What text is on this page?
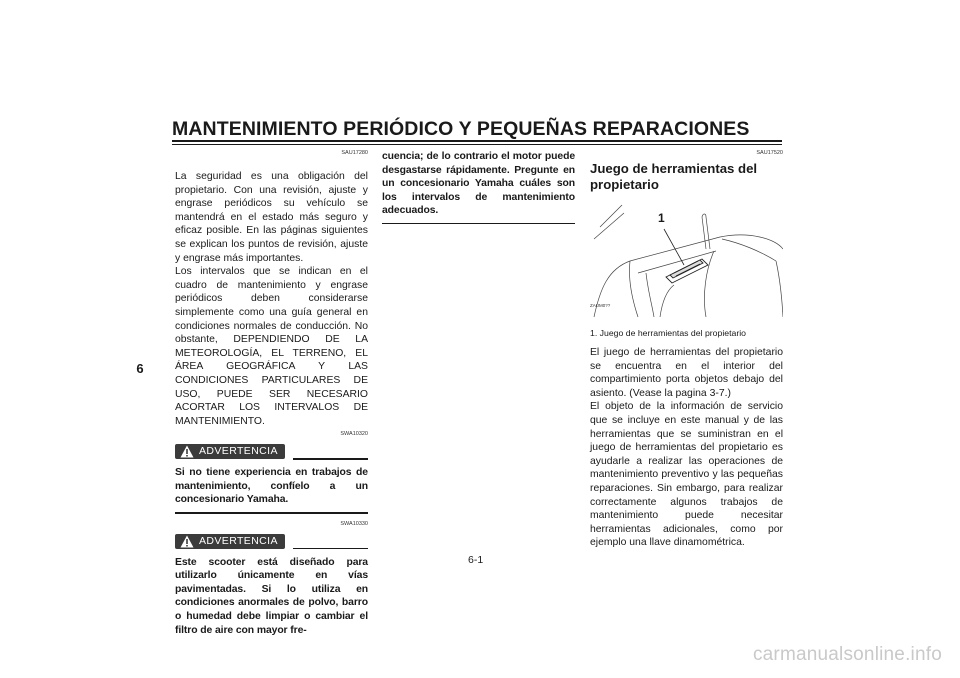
MANTENIMIENTO PERIÓDICO Y PEQUEÑAS REPARACIONES
6
SAU17280

La seguridad es una obligación del propietario. Con una revisión, ajuste y engrase periódicos su vehículo se mantendrá en el estado más seguro y eficaz posible. En las páginas siguientes se explican los puntos de revisión, ajuste y engrase más importantes.

Los intervalos que se indican en el cuadro de mantenimiento y engrase periódicos deben considerarse simplemente como una guía general en condiciones normales de conducción. No obstante, DEPENDIENDO DE LA METEOROLOGÍA, EL TERRENO, EL ÁREA GEOGRÁFICA Y LAS CONDICIONES PARTICULARES DE USO, PUEDE SER NECESARIO ACORTAR LOS INTERVALOS DE MANTENIMIENTO.

SWA10320
ADVERTENCIA

Si no tiene experiencia en trabajos de mantenimiento, confíelo a un concesionario Yamaha.

SWA10330
ADVERTENCIA

Este scooter está diseñado para utilizarlo únicamente en vías pavimentadas. Si lo utiliza en condiciones anormales de polvo, barro o humedad debe limpiar o cambiar el filtro de aire con mayor fre-

cuencia; de lo contrario el motor puede desgastarse rápidamente. Pregunte en un concesionario Yamaha cuáles son los intervalos de mantenimiento adecuados.

SAU17520
Juego de herramientas del propietario
1
ZAUM0??
1. Juego de herramientas del propietario

El juego de herramientas del propietario se encuentra en el interior del compartimiento porta objetos debajo del asiento. (Vease la pagina 3-7.)

El objeto de la información de servicio que se incluye en este manual y de las herramientas que se suministran en el juego de herramientas del propietario es ayudarle a realizar las operaciones de mantenimiento preventivo y las pequeñas reparaciones. Sin embargo, para realizar correctamente algunos trabajos de mantenimiento puede necesitar herramientas adicionales, como por ejemplo una llave dinamométrica.

6-1
carmanualsonline.info
